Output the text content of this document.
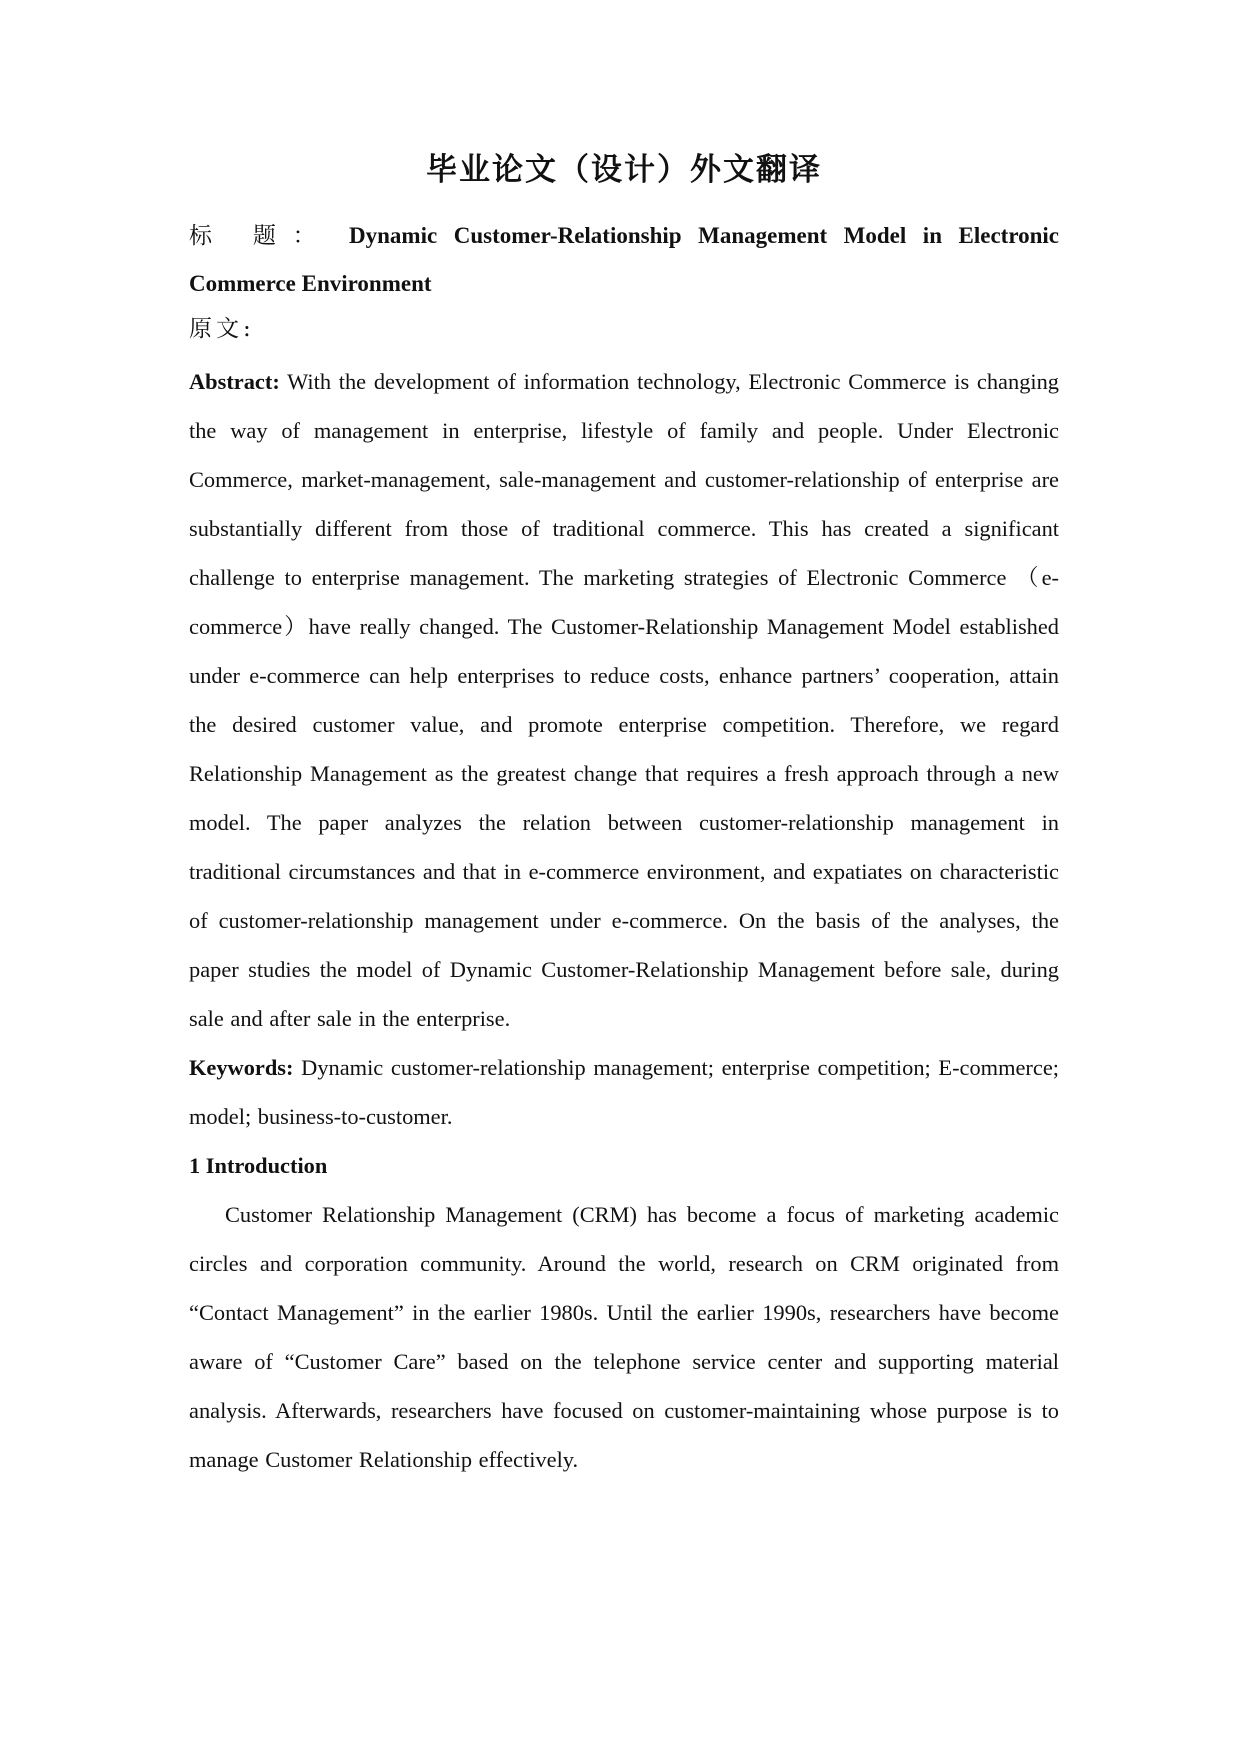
毕业论文（设计）外文翻译

标 题： Dynamic Customer-Relationship Management Model in Electronic Commerce Environment

原文:

Abstract: With the development of information technology, Electronic Commerce is changing the way of management in enterprise, lifestyle of family and people. Under Electronic Commerce, market-management, sale-management and customer-relationship of enterprise are substantially different from those of traditional commerce. This has created a significant challenge to enterprise management. The marketing strategies of Electronic Commerce （e-commerce）have really changed. The Customer-Relationship Management Model established under e-commerce can help enterprises to reduce costs, enhance partners’ cooperation, attain the desired customer value, and promote enterprise competition. Therefore, we regard Relationship Management as the greatest change that requires a fresh approach through a new model. The paper analyzes the relation between customer-relationship management in traditional circumstances and that in e-commerce environment, and expatiates on characteristic of customer-relationship management under e-commerce. On the basis of the analyses, the paper studies the model of Dynamic Customer-Relationship Management before sale, during sale and after sale in the enterprise.

Keywords: Dynamic customer-relationship management; enterprise competition; E-commerce; model; business-to-customer.

1 Introduction

Customer Relationship Management (CRM) has become a focus of marketing academic circles and corporation community. Around the world, research on CRM originated from “Contact Management” in the earlier 1980s. Until the earlier 1990s, researchers have become aware of “Customer Care” based on the telephone service center and supporting material analysis. Afterwards, researchers have focused on customer-maintaining whose purpose is to manage Customer Relationship effectively.
